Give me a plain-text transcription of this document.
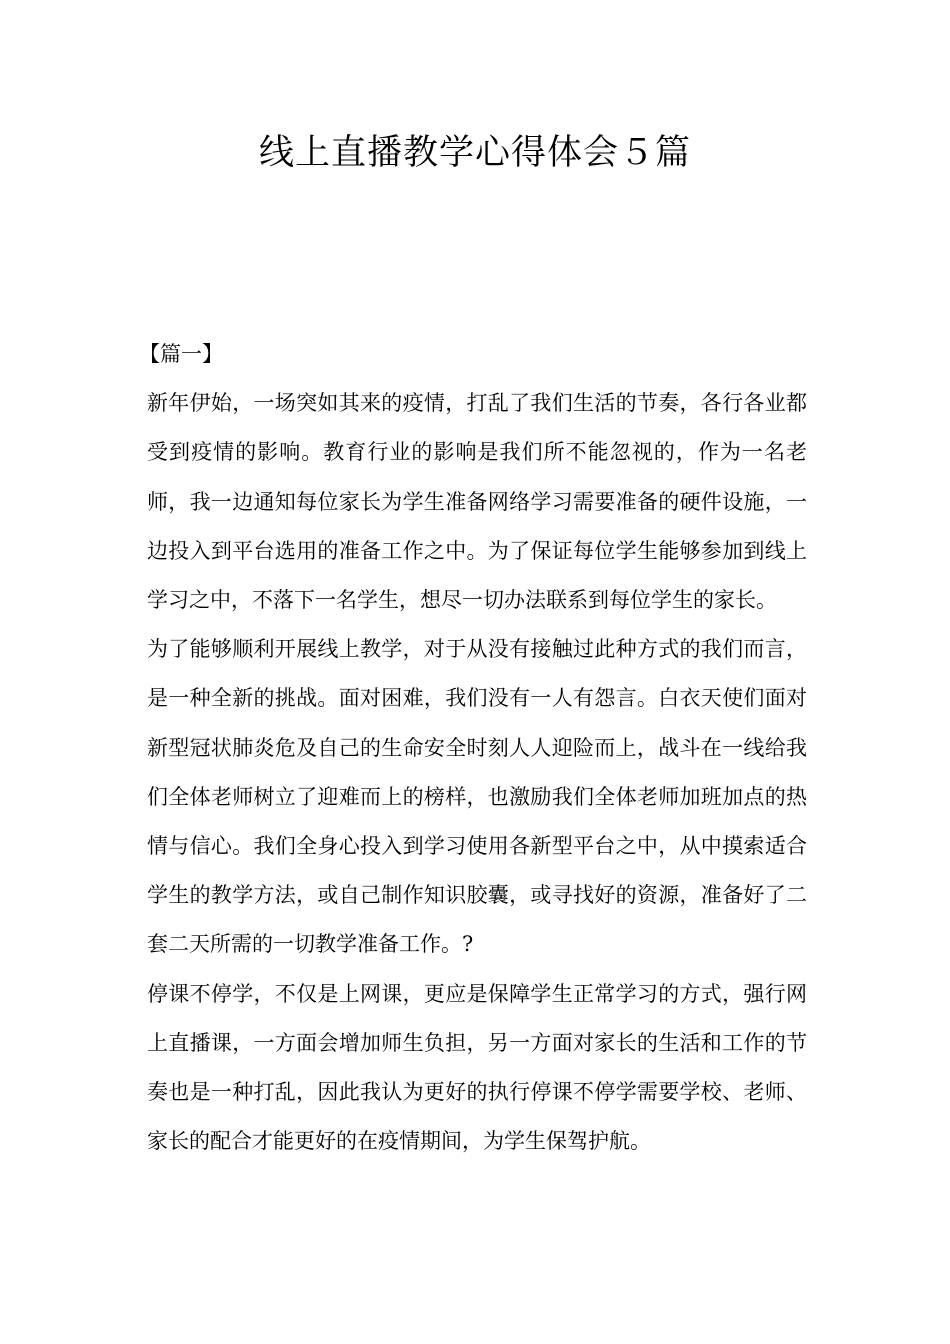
线上直播教学心得体会５篇
【篇一】

新年伊始，一场突如其来的疫情，打乱了我们生活的节奏，各行各业都受到疫情的影响。教育行业的影响是我们所不能忽视的，作为一名老师，我一边通知每位家长为学生准备网络学习需要准备的硬件设施，一边投入到平台选用的准备工作之中。为了保证每位学生能够参加到线上学习之中，不落下一名学生，想尽一切办法联系到每位学生的家长。

为了能够顺利开展线上教学，对于从没有接触过此种方式的我们而言，是一种全新的挑战。面对困难，我们没有一人有怨言。白衣天使们面对新型冠状肺炎危及自己的生命安全时刻人人迎险而上，战斗在一线给我们全体老师树立了迎难而上的榜样，也激励我们全体老师加班加点的热情与信心。我们全身心投入到学习使用各新型平台之中，从中摸索适合学生的教学方法，或自己制作知识胶囊，或寻找好的资源，准备好了二套二天所需的一切教学准备工作。?

停课不停学，不仅是上网课，更应是保障学生正常学习的方式，强行网上直播课，一方面会增加师生负担，另一方面对家长的生活和工作的节奏也是一种打乱，因此我认为更好的执行停课不停学需要学校、老师、家长的配合才能更好的在疫情期间，为学生保驾护航。
